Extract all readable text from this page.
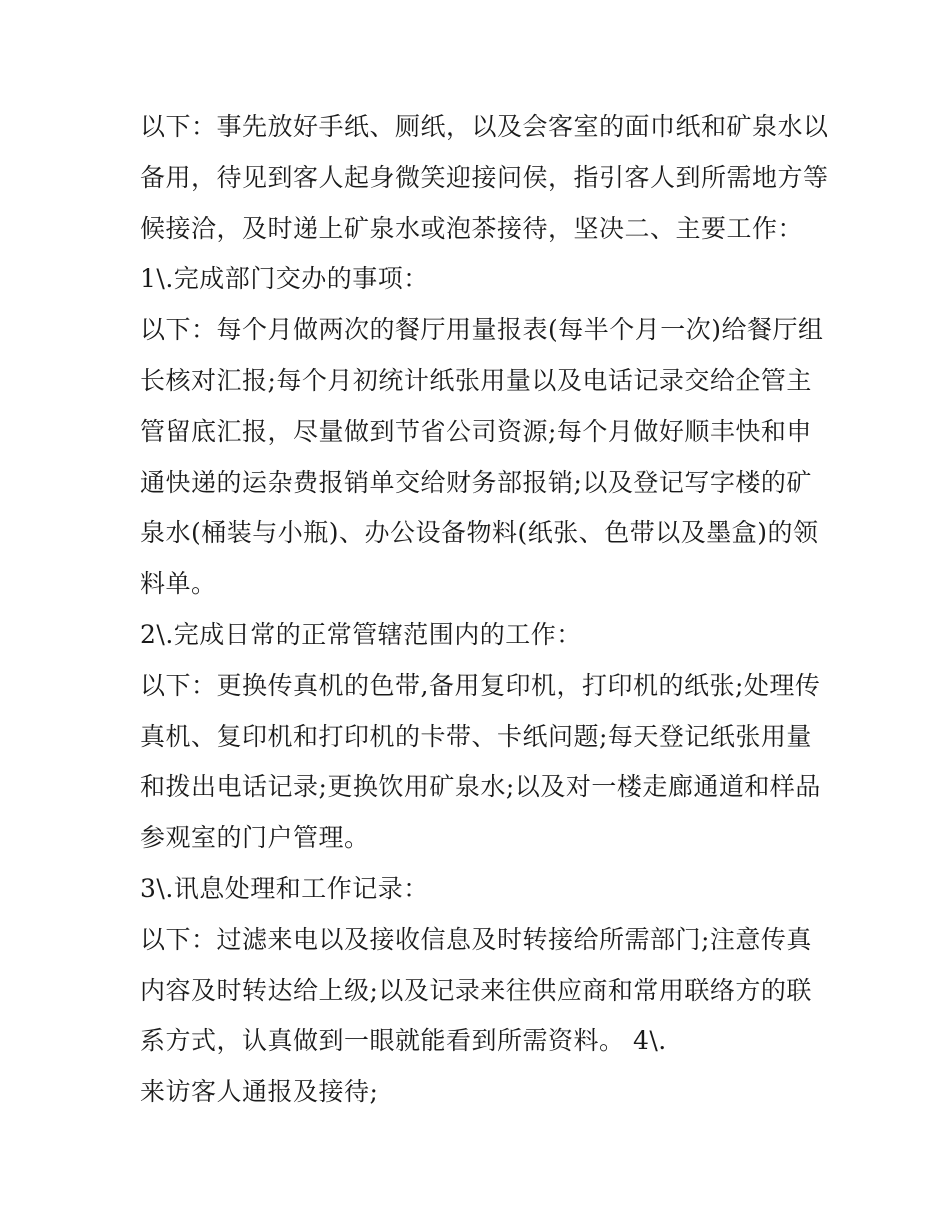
以下：事先放好手纸、厕纸，以及会客室的面巾纸和矿泉水以
备用，待见到客人起身微笑迎接问侯，指引客人到所需地方等
候接洽，及时递上矿泉水或泡茶接待，坚决二、主要工作：
1\.完成部门交办的事项：
以下：每个月做两次的餐厅用量报表(每半个月一次)给餐厅组
长核对汇报;每个月初统计纸张用量以及电话记录交给企管主
管留底汇报，尽量做到节省公司资源;每个月做好顺丰快和申
通快递的运杂费报销单交给财务部报销;以及登记写字楼的矿
泉水(桶装与小瓶)、办公设备物料(纸张、色带以及墨盒)的领
料单。
2\.完成日常的正常管辖范围内的工作：
以下：更换传真机的色带,备用复印机，打印机的纸张;处理传
真机、复印机和打印机的卡带、卡纸问题;每天登记纸张用量
和拨出电话记录;更换饮用矿泉水;以及对一楼走廊通道和样品
参观室的门户管理。
3\.讯息处理和工作记录：
以下：过滤来电以及接收信息及时转接给所需部门;注意传真
内容及时转达给上级;以及记录来往供应商和常用联络方的联
系方式，认真做到一眼就能看到所需资料。 4\.
来访客人通报及接待;
